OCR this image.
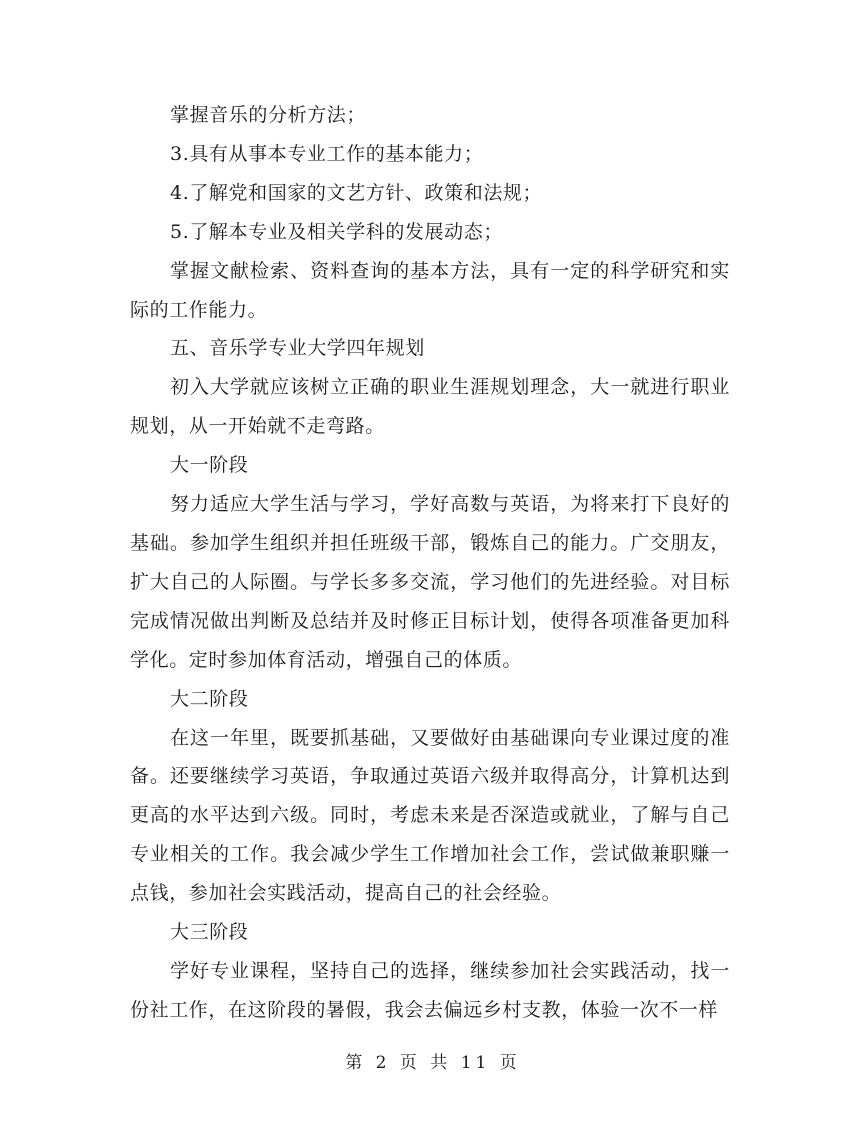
掌握音乐的分析方法；

3.具有从事本专业工作的基本能力；

4.了解党和国家的文艺方针、政策和法规；

5.了解本专业及相关学科的发展动态；

掌握文献检索、资料查询的基本方法，具有一定的科学研究和实际的工作能力。

五、音乐学专业大学四年规划

初入大学就应该树立正确的职业生涯规划理念，大一就进行职业规划，从一开始就不走弯路。

大一阶段

努力适应大学生活与学习，学好高数与英语，为将来打下良好的基础。参加学生组织并担任班级干部，锻炼自己的能力。广交朋友，扩大自己的人际圈。与学长多多交流，学习他们的先进经验。对目标完成情况做出判断及总结并及时修正目标计划，使得各项准备更加科学化。定时参加体育活动，增强自己的体质。

大二阶段

在这一年里，既要抓基础，又要做好由基础课向专业课过度的准备。还要继续学习英语，争取通过英语六级并取得高分，计算机达到更高的水平达到六级。同时，考虑未来是否深造或就业，了解与自己专业相关的工作。我会减少学生工作增加社会工作，尝试做兼职赚一点钱，参加社会实践活动，提高自己的社会经验。

大三阶段

学好专业课程，坚持自己的选择，继续参加社会实践活动，找一份社工作，在这阶段的暑假，我会去偏远乡村支教，体验一次不一样

第 2 页 共 11 页
